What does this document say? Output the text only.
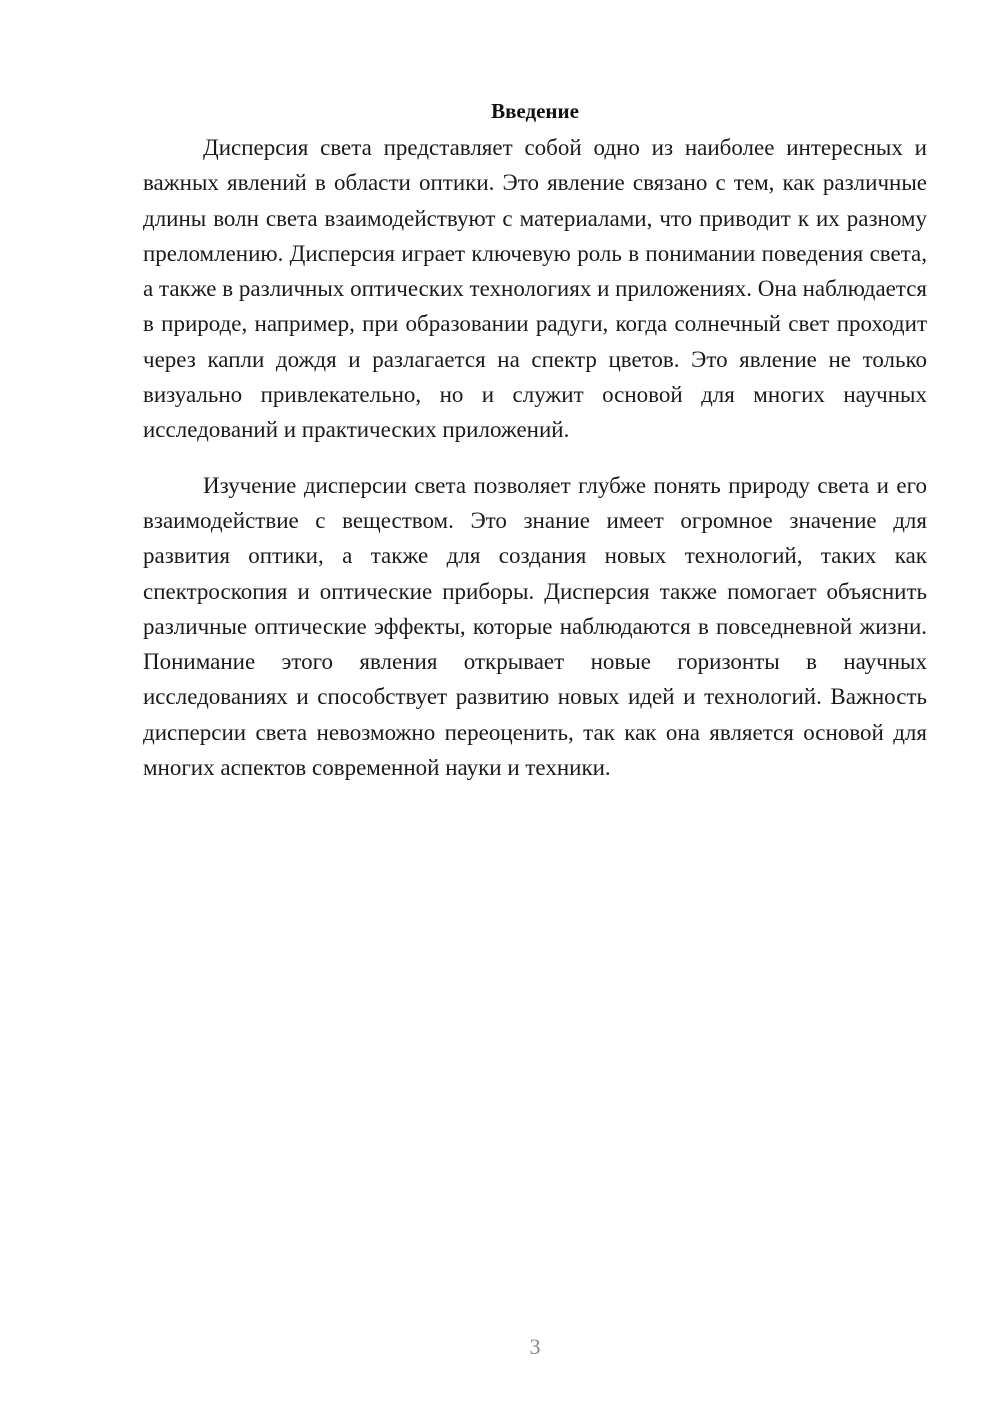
Введение

Дисперсия света представляет собой одно из наиболее интересных и важных явлений в области оптики. Это явление связано с тем, как различные длины волн света взаимодействуют с материалами, что приводит к их разному преломлению. Дисперсия играет ключевую роль в понимании поведения света, а также в различных оптических технологиях и приложениях. Она наблюдается в природе, например, при образовании радуги, когда солнечный свет проходит через капли дождя и разлагается на спектр цветов. Это явление не только визуально привлекательно, но и служит основой для многих научных исследований и практических приложений.

Изучение дисперсии света позволяет глубже понять природу света и его взаимодействие с веществом. Это знание имеет огромное значение для развития оптики, а также для создания новых технологий, таких как спектроскопия и оптические приборы. Дисперсия также помогает объяснить различные оптические эффекты, которые наблюдаются в повседневной жизни. Понимание этого явления открывает новые горизонты в научных исследованиях и способствует развитию новых идей и технологий. Важность дисперсии света невозможно переоценить, так как она является основой для многих аспектов современной науки и техники.

3
